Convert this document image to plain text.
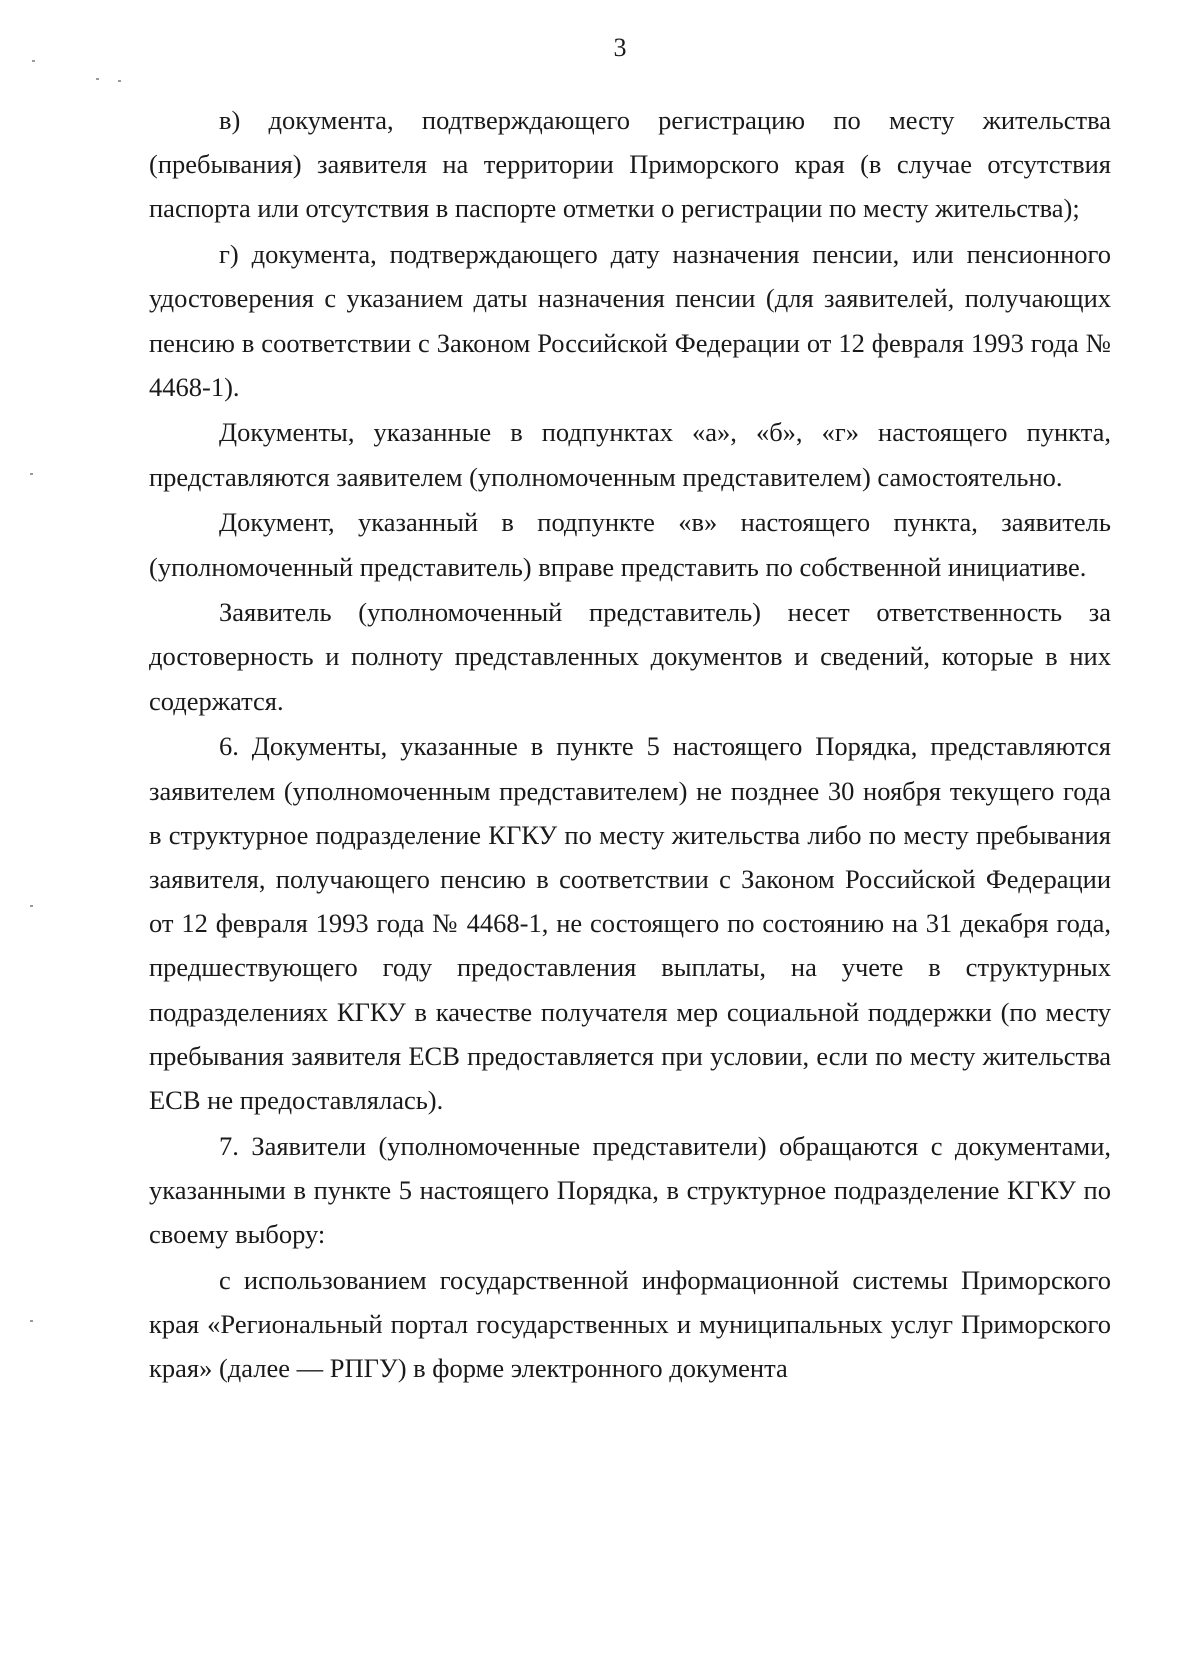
3

в) документа, подтверждающего регистрацию по месту жительства (пребывания) заявителя на территории Приморского края (в случае отсутствия паспорта или отсутствия в паспорте отметки о регистрации по месту жительства);

г) документа, подтверждающего дату назначения пенсии, или пенсионного удостоверения с указанием даты назначения пенсии (для заявителей, получающих пенсию в соответствии с Законом Российской Федерации от 12 февраля 1993 года № 4468-1).

Документы, указанные в подпунктах «а», «б», «г» настоящего пункта, представляются заявителем (уполномоченным представителем) самостоятельно.

Документ, указанный в подпункте «в» настоящего пункта, заявитель (уполномоченный представитель) вправе представить по собственной инициативе.

Заявитель (уполномоченный представитель) несет ответственность за достоверность и полноту представленных документов и сведений, которые в них содержатся.

6. Документы, указанные в пункте 5 настоящего Порядка, представляются заявителем (уполномоченным представителем) не позднее 30 ноября текущего года в структурное подразделение КГКУ по месту жительства либо по месту пребывания заявителя, получающего пенсию в соответствии с Законом Российской Федерации от 12 февраля 1993 года № 4468-1, не состоящего по состоянию на 31 декабря года, предшествующего году предоставления выплаты, на учете в структурных подразделениях КГКУ в качестве получателя мер социальной поддержки (по месту пребывания заявителя ЕСВ предоставляется при условии, если по месту жительства ЕСВ не предоставлялась).

7. Заявители (уполномоченные представители) обращаются с документами, указанными в пункте 5 настоящего Порядка, в структурное подразделение КГКУ по своему выбору:

с использованием государственной информационной системы Приморского края «Региональный портал государственных и муниципальных услуг Приморского края» (далее — РПГУ) в форме электронного документа
